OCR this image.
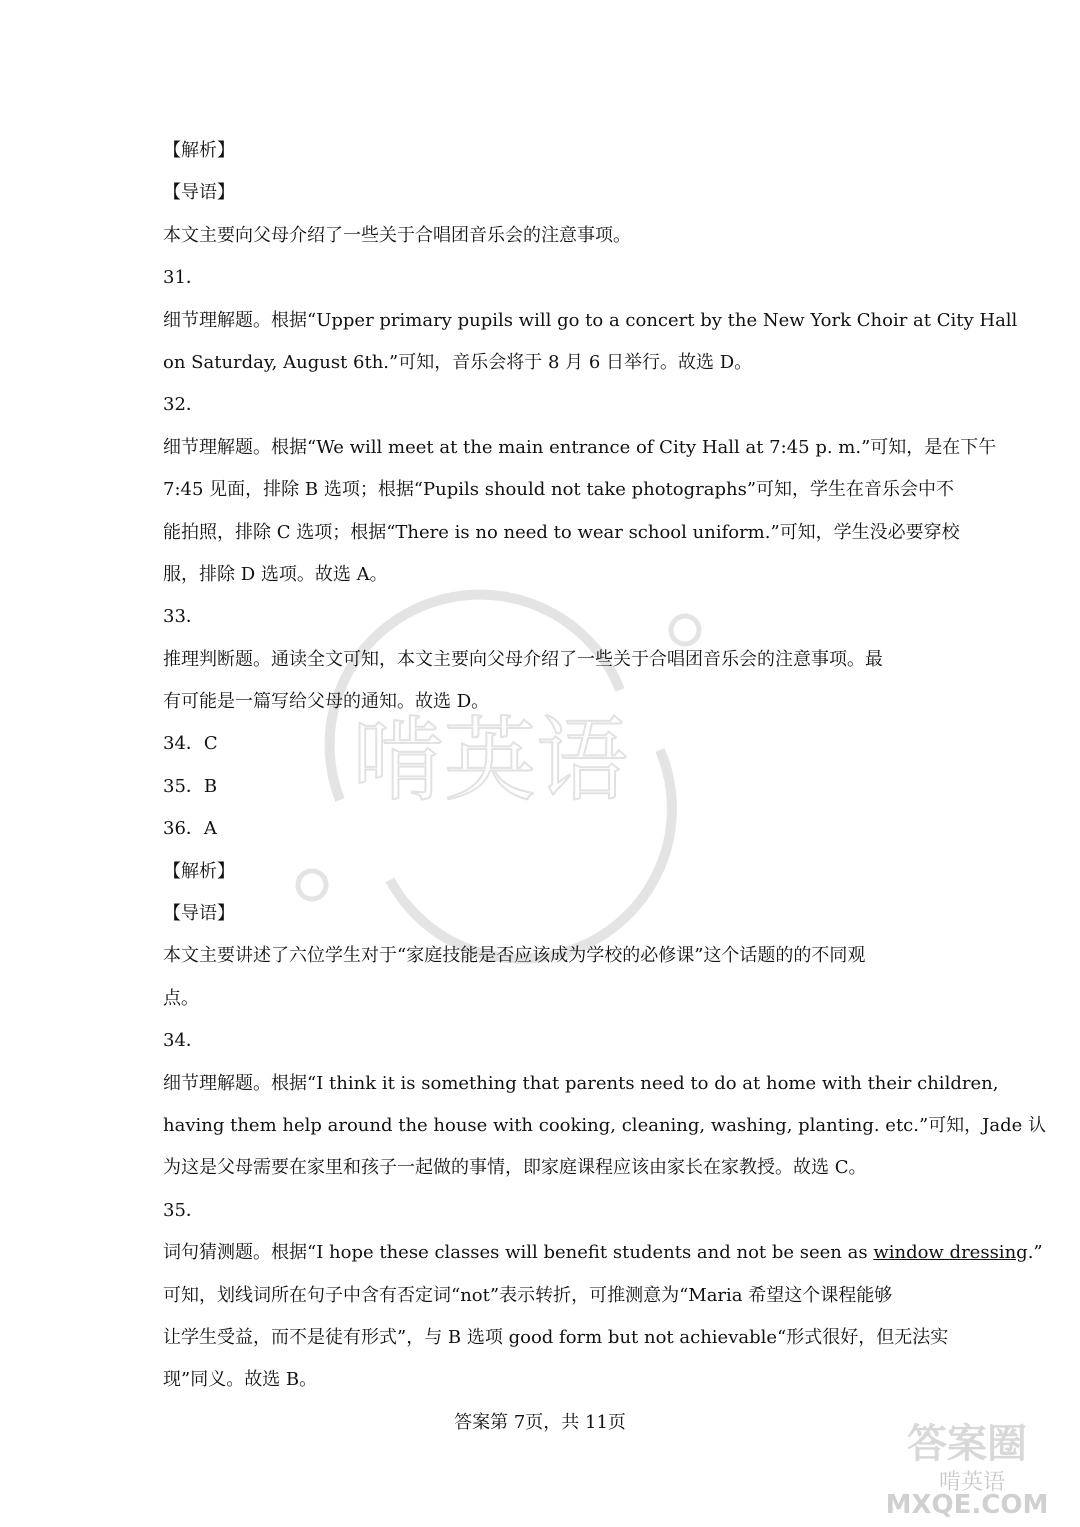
啃英语
【解析】
【导语】
本文主要向父母介绍了一些关于合唱团音乐会的注意事项。
31．
细节理解题。根据“Upper primary pupils will go to a concert by the New York Choir at City Hall
on Saturday, August 6th.”可知，音乐会将于 8 月 6 日举行。故选 D。
32．
细节理解题。根据“We will meet at the main entrance of City Hall at 7:45 p. m.”可知，是在下午
7:45 见面，排除 B 选项；根据“Pupils should not take photographs”可知，学生在音乐会中不
能拍照，排除 C 选项；根据“There is no need to wear school uniform.”可知，学生没必要穿校
服，排除 D 选项。故选 A。
33．
推理判断题。通读全文可知，本文主要向父母介绍了一些关于合唱团音乐会的注意事项。最
有可能是一篇写给父母的通知。故选 D。
34．C
35．B
36．A
【解析】
【导语】
本文主要讲述了六位学生对于“家庭技能是否应该成为学校的必修课”这个话题的的不同观
点。
34．
细节理解题。根据“I think it is something that parents need to do at home with their children,
having them help around the house with cooking, cleaning, washing, planting. etc.”可知，Jade 认
为这是父母需要在家里和孩子一起做的事情，即家庭课程应该由家长在家教授。故选 C。
35．
词句猜测题。根据“I hope these classes will benefit students and not be seen as window dressing.”
可知，划线词所在句子中含有否定词“not”表示转折，可推测意为“Maria 希望这个课程能够
让学生受益，而不是徒有形式”，与 B 选项 good form but not achievable“形式很好，但无法实
现”同义。故选 B。
答案第 7页，共 11页	答案圈
啃英语
MXQE.COM
